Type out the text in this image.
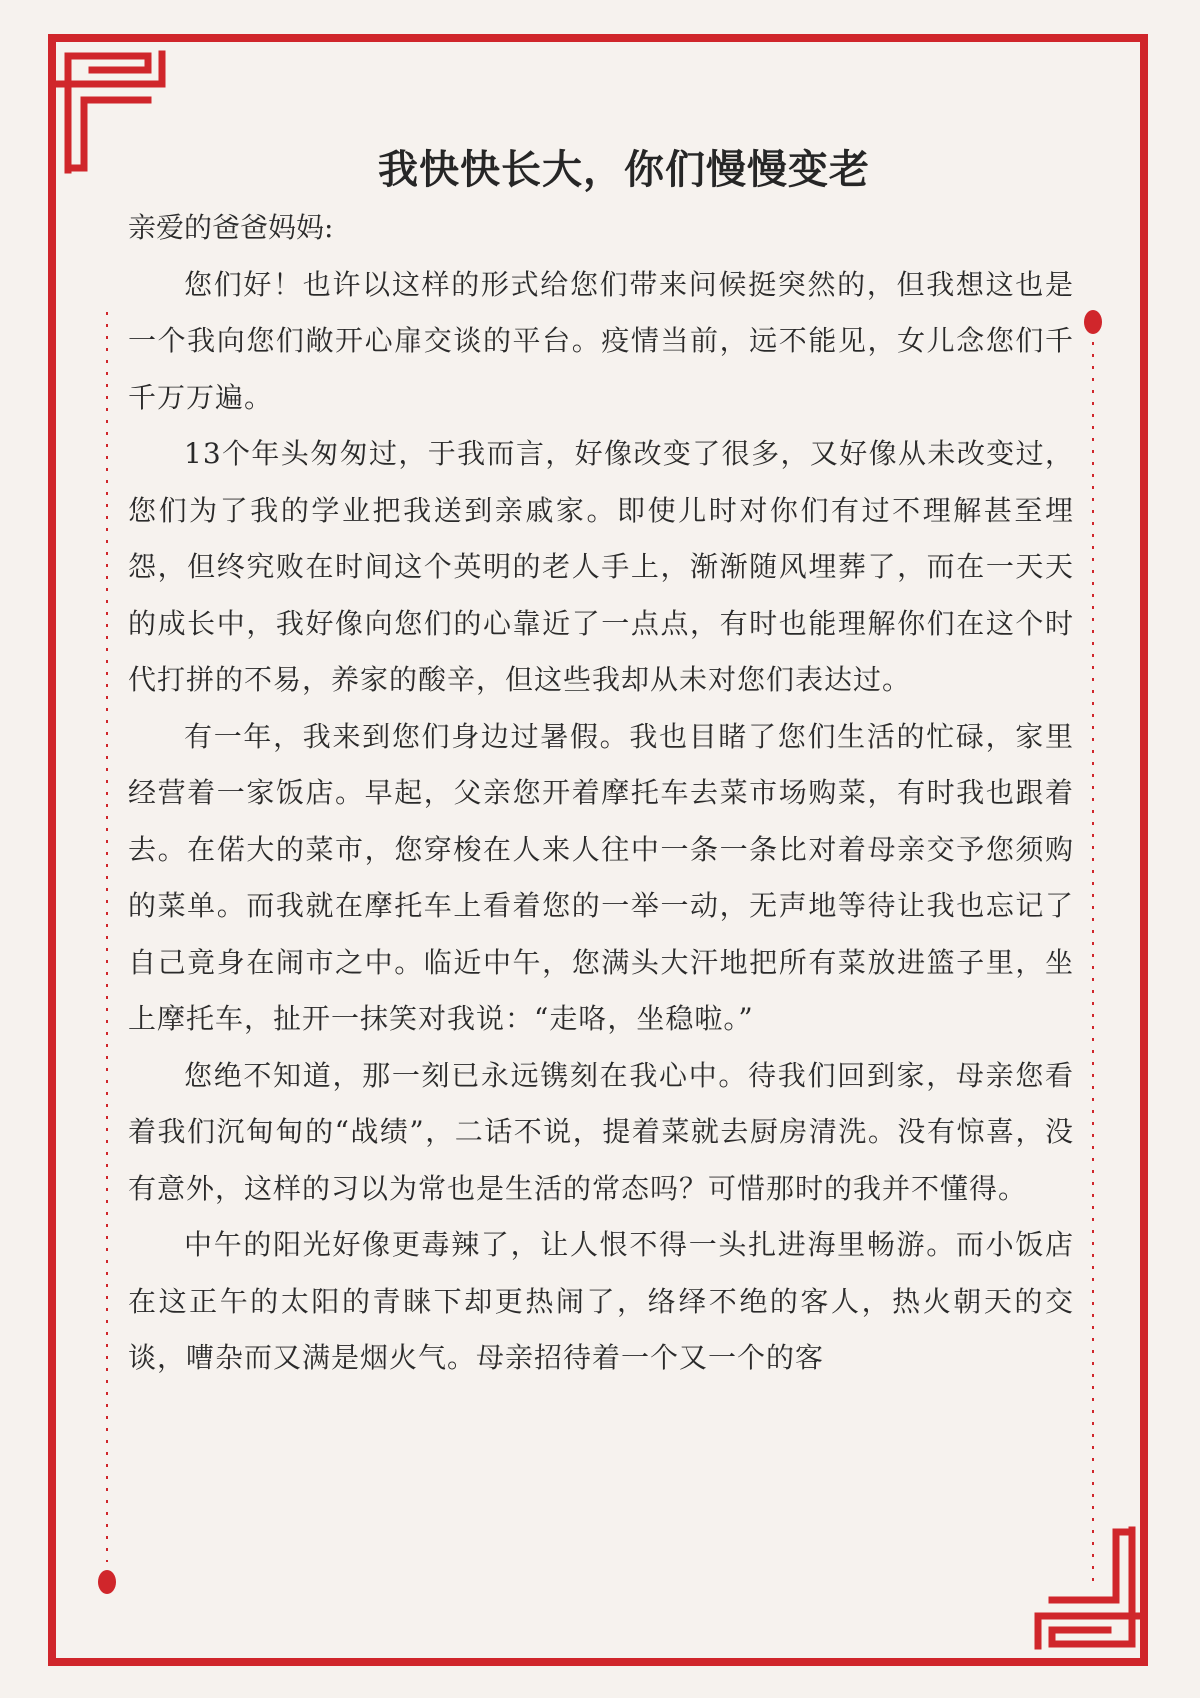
我快快长大，你们慢慢变老

亲爱的爸爸妈妈:

您们好！也许以这样的形式给您们带来问候挺突然的，但我想这也是一个我向您们敞开心扉交谈的平台。疫情当前，远不能见，女儿念您们千千万万遍。

13个年头匆匆过，于我而言，好像改变了很多，又好像从未改变过，您们为了我的学业把我送到亲戚家。即使儿时对你们有过不理解甚至埋怨，但终究败在时间这个英明的老人手上，渐渐随风埋葬了，而在一天天的成长中，我好像向您们的心靠近了一点点，有时也能理解你们在这个时代打拼的不易，养家的酸辛，但这些我却从未对您们表达过。

有一年，我来到您们身边过暑假。我也目睹了您们生活的忙碌，家里经营着一家饭店。早起，父亲您开着摩托车去菜市场购菜，有时我也跟着去。在偌大的菜市，您穿梭在人来人往中一条一条比对着母亲交予您须购的菜单。而我就在摩托车上看着您的一举一动，无声地等待让我也忘记了自己竟身在闹市之中。临近中午，您满头大汗地把所有菜放进篮子里，坐上摩托车，扯开一抹笑对我说：“走咯，坐稳啦。”

您绝不知道，那一刻已永远镌刻在我心中。待我们回到家，母亲您看着我们沉甸甸的“战绩”，二话不说，提着菜就去厨房清洗。没有惊喜，没有意外，这样的习以为常也是生活的常态吗？可惜那时的我并不懂得。

中午的阳光好像更毒辣了，让人恨不得一头扎进海里畅游。而小饭店在这正午的太阳的青睐下却更热闹了，络绎不绝的客人，热火朝天的交谈，嘈杂而又满是烟火气。母亲招待着一个又一个的客
